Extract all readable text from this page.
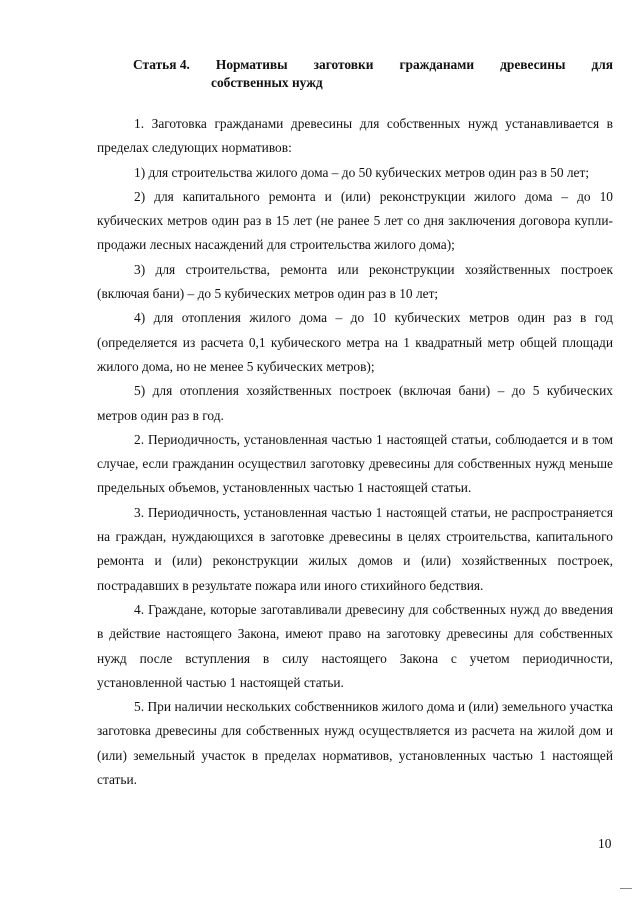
Статья 4. Нормативы заготовки гражданами древесины для
собственных нужд

1. Заготовка гражданами древесины для собственных нужд устанавливается в пределах следующих нормативов:

1) для строительства жилого дома – до 50 кубических метров один раз в 50 лет;

2) для капитального ремонта и (или) реконструкции жилого дома – до 10 кубических метров один раз в 15 лет (не ранее 5 лет со дня заключения договора купли-продажи лесных насаждений для строительства жилого дома);

3) для строительства, ремонта или реконструкции хозяйственных построек (включая бани) – до 5 кубических метров один раз в 10 лет;

4) для отопления жилого дома – до 10 кубических метров один раз в год (определяется из расчета 0,1 кубического метра на 1 квадратный метр общей площади жилого дома, но не менее 5 кубических метров);

5) для отопления хозяйственных построек (включая бани) – до 5 кубических метров один раз в год.

2. Периодичность, установленная частью 1 настоящей статьи, соблюдается и в том случае, если гражданин осуществил заготовку древесины для собственных нужд меньше предельных объемов, установленных частью 1 настоящей статьи.

3. Периодичность, установленная частью 1 настоящей статьи, не распространяется на граждан, нуждающихся в заготовке древесины в целях строительства, капитального ремонта и (или) реконструкции жилых домов и (или) хозяйственных построек, пострадавших в результате пожара или иного стихийного бедствия.

4. Граждане, которые заготавливали древесину для собственных нужд до введения в действие настоящего Закона, имеют право на заготовку древесины для собственных нужд после вступления в силу настоящего Закона с учетом периодичности, установленной частью 1 настоящей статьи.

5. При наличии нескольких собственников жилого дома и (или) земельного участка заготовка древесины для собственных нужд осуществляется из расчета на жилой дом и (или) земельный участок в пределах нормативов, установленных частью 1 настоящей статьи.

10
